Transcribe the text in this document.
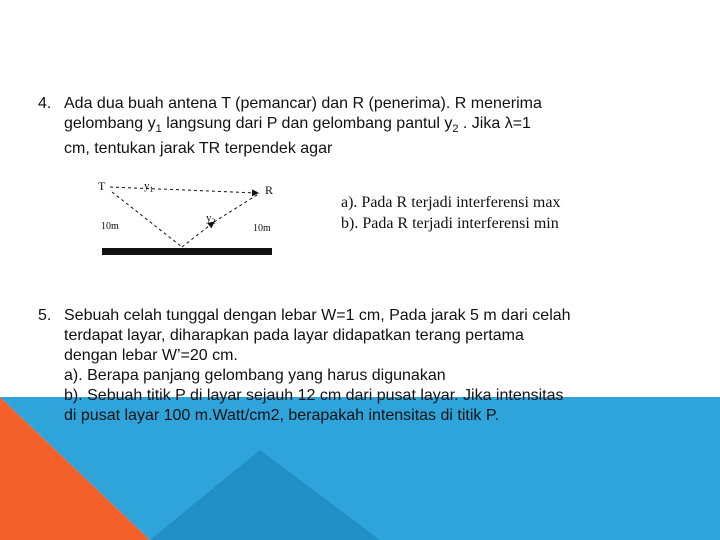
4. Ada dua buah antena T (pemancar) dan R (penerima). R menerima
gelombang $y_1$ langsung dari P dan gelombang pantul $y_2$ . Jika λ=1
cm, tentukan jarak TR terpendek agar
T	R
$y_1$
$y_2$
10m	10m
a). Pada R terjadi interferensi max
b). Pada R terjadi interferensi min
5. Sebuah celah tunggal dengan lebar W=1 cm, Pada jarak 5 m dari celah
terdapat layar, diharapkan pada layar didapatkan terang pertama
dengan lebar W’=20 cm.
a). Berapa panjang gelombang yang harus digunakan
b). Sebuah titik P di layar sejauh 12 cm dari pusat layar. Jika intensitas
di pusat layar 100 m.Watt/cm2, berapakah intensitas di titik P.
